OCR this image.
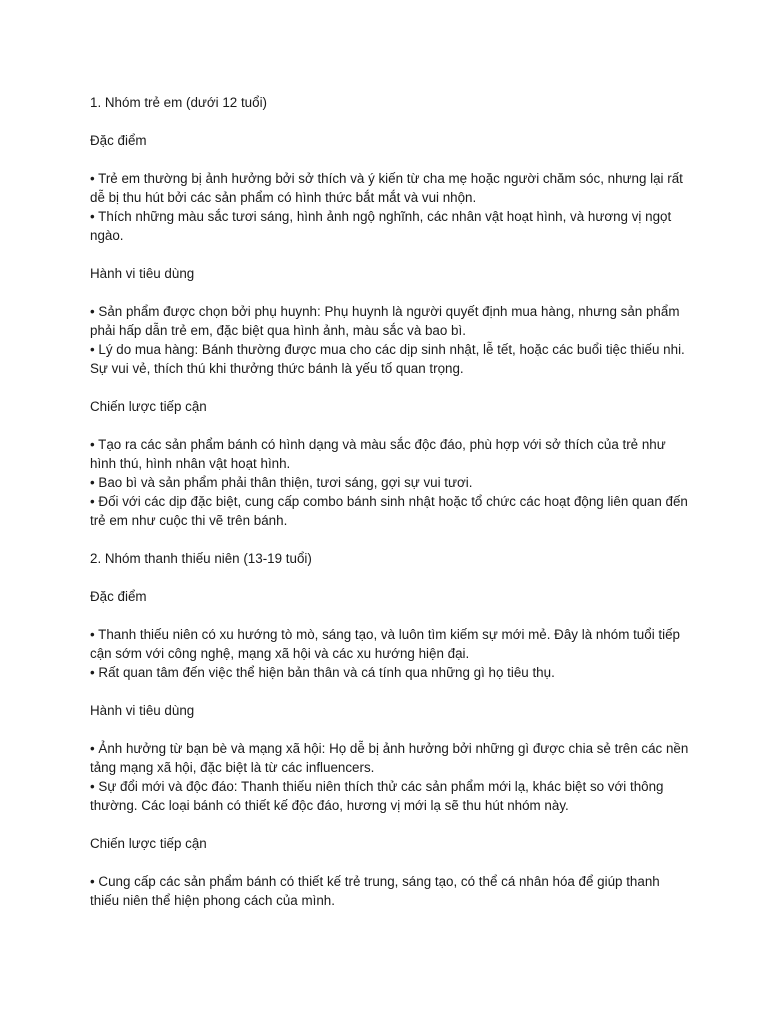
1. Nhóm trẻ em (dưới 12 tuổi)
Đặc điểm
• Trẻ em thường bị ảnh hưởng bởi sở thích và ý kiến từ cha mẹ hoặc người chăm sóc, nhưng lại rất dễ bị thu hút bởi các sản phẩm có hình thức bắt mắt và vui nhộn.
• Thích những màu sắc tươi sáng, hình ảnh ngộ nghĩnh, các nhân vật hoạt hình, và hương vị ngọt ngào.
Hành vi tiêu dùng
• Sản phẩm được chọn bởi phụ huynh: Phụ huynh là người quyết định mua hàng, nhưng sản phẩm phải hấp dẫn trẻ em, đặc biệt qua hình ảnh, màu sắc và bao bì.
• Lý do mua hàng: Bánh thường được mua cho các dịp sinh nhật, lễ tết, hoặc các buổi tiệc thiếu nhi. Sự vui vẻ, thích thú khi thưởng thức bánh là yếu tố quan trọng.
Chiến lược tiếp cận
• Tạo ra các sản phẩm bánh có hình dạng và màu sắc độc đáo, phù hợp với sở thích của trẻ như hình thú, hình nhân vật hoạt hình.
• Bao bì và sản phẩm phải thân thiện, tươi sáng, gợi sự vui tươi.
• Đối với các dịp đặc biệt, cung cấp combo bánh sinh nhật hoặc tổ chức các hoạt động liên quan đến trẻ em như cuộc thi vẽ trên bánh.
2. Nhóm thanh thiếu niên (13-19 tuổi)
Đặc điểm
• Thanh thiếu niên có xu hướng tò mò, sáng tạo, và luôn tìm kiếm sự mới mẻ. Đây là nhóm tuổi tiếp cận sớm với công nghệ, mạng xã hội và các xu hướng hiện đại.
• Rất quan tâm đến việc thể hiện bản thân và cá tính qua những gì họ tiêu thụ.
Hành vi tiêu dùng
• Ảnh hưởng từ bạn bè và mạng xã hội: Họ dễ bị ảnh hưởng bởi những gì được chia sẻ trên các nền tảng mạng xã hội, đặc biệt là từ các influencers.
• Sự đổi mới và độc đáo: Thanh thiếu niên thích thử các sản phẩm mới lạ, khác biệt so với thông thường. Các loại bánh có thiết kế độc đáo, hương vị mới lạ sẽ thu hút nhóm này.
Chiến lược tiếp cận
• Cung cấp các sản phẩm bánh có thiết kế trẻ trung, sáng tạo, có thể cá nhân hóa để giúp thanh thiếu niên thể hiện phong cách của mình.
